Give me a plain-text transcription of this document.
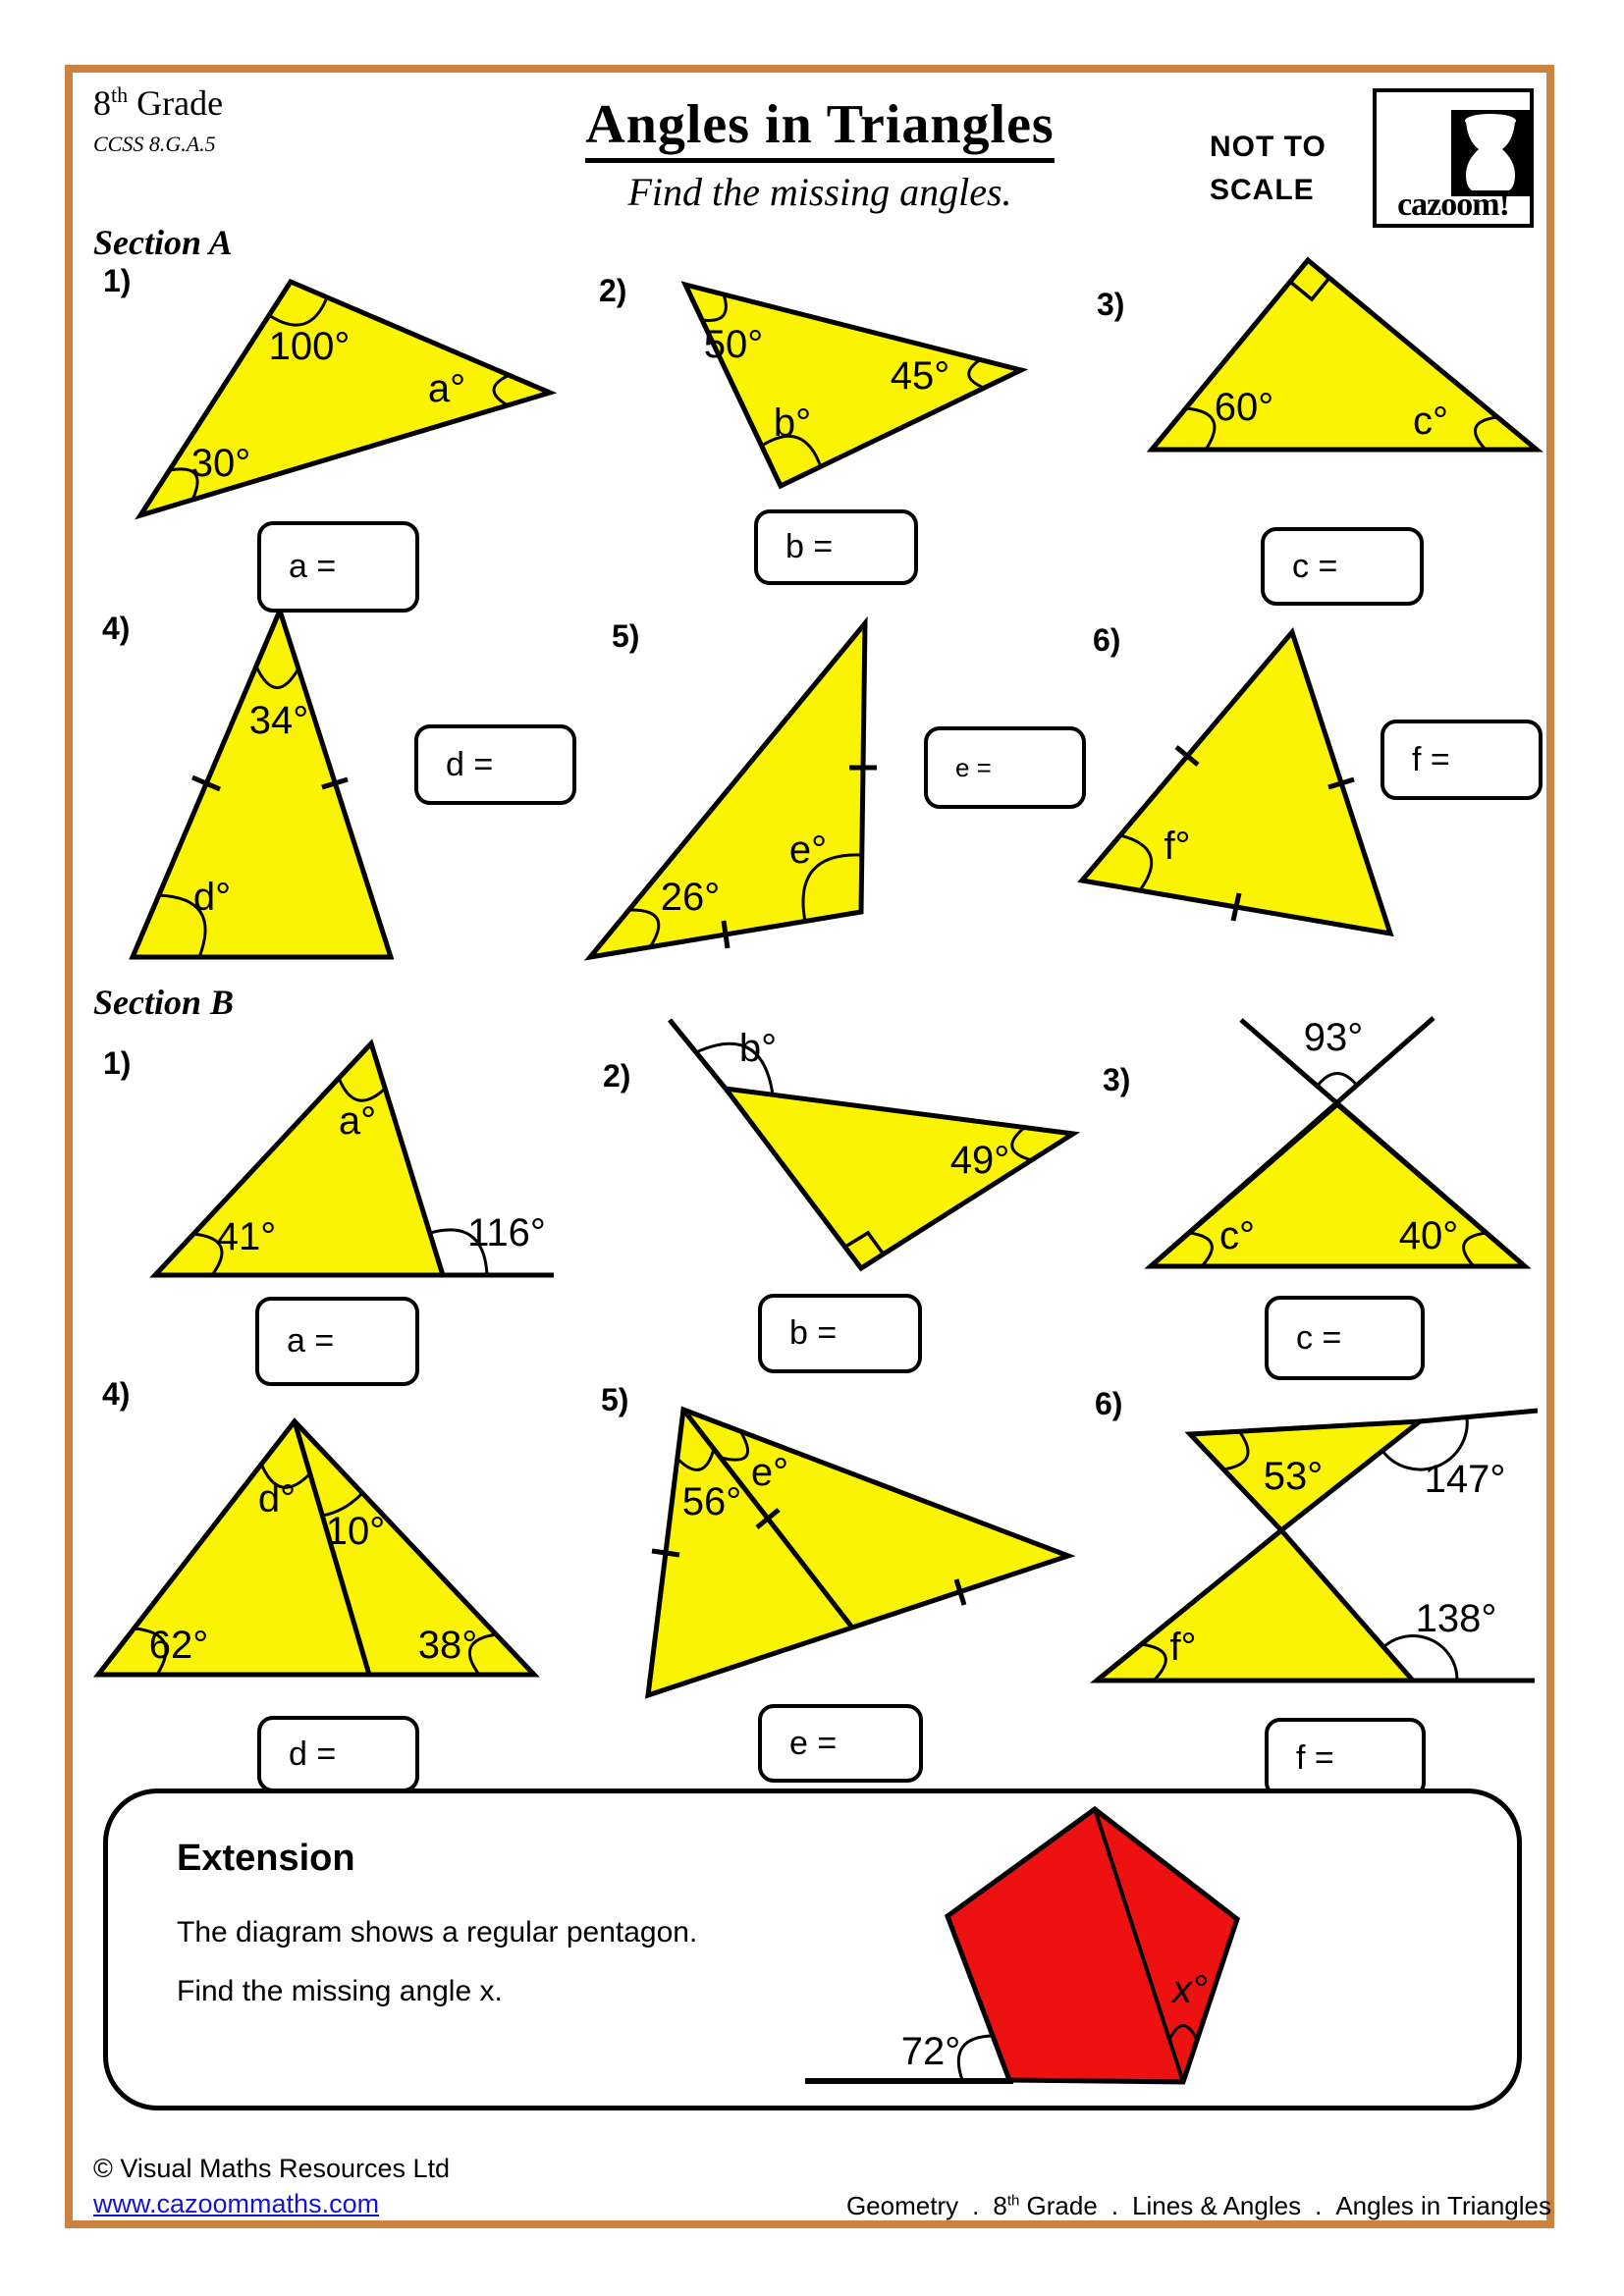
8th Grade
CCSS 8.G.A.5	Angles in Triangles
Find the missing angles.
NOT TO
SCALE	cazoom!
Section A
Section B
1)	2)	3)
4)	5)	6)
1)	2)	3)
4)	5)	6)
100°
a°
30°
50°
45°
b°	60°	c°
34°
d°	26°
e°	f°
a°
41°	116°
b°
49°
93°
c°	40°
d°
10°
62°	38°
56°
e°	53°	147°
f°
138°
a =
b =
c =
d =	e =	f =
a =	b =	c =
d =	e =	f =
Extension
The diagram shows a regular pentagon.
Find the missing angle x.
72°
x°
© Visual Maths Resources Ltd
www.cazoommaths.com	Geometry . 8th Grade . Lines & Angles . Angles in Triangles
